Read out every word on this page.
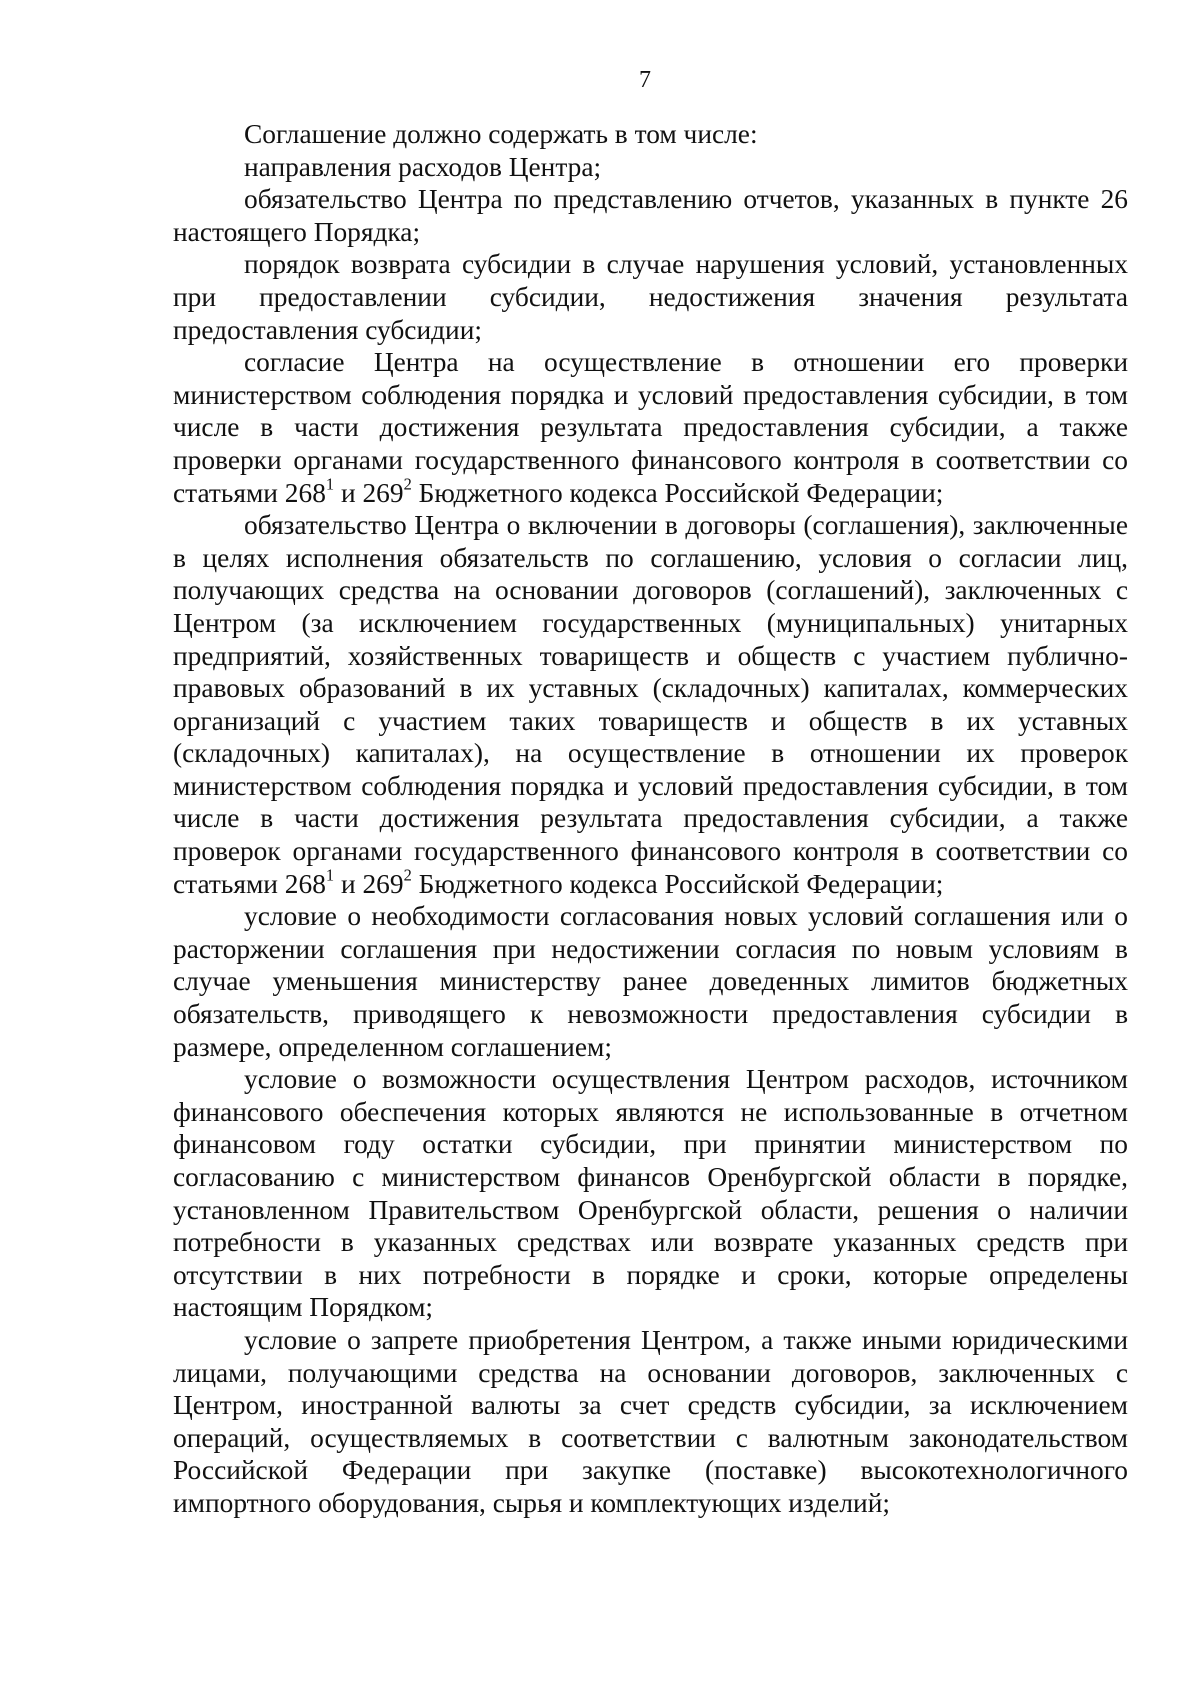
7

Соглашение должно содержать в том числе:

направления расходов Центра;

обязательство Центра по представлению отчетов, указанных в пункте 26 настоящего Порядка;

порядок возврата субсидии в случае нарушения условий, установленных при предоставлении субсидии, недостижения значения результата предоставления субсидии;

согласие Центра на осуществление в отношении его проверки министерством соблюдения порядка и условий предоставления субсидии, в том числе в части достижения результата предоставления субсидии, а также проверки органами государственного финансового контроля в соответствии со статьями $268^1$ и $269^2$ Бюджетного кодекса Российской Федерации;

обязательство Центра о включении в договоры (соглашения), заключенные в целях исполнения обязательств по соглашению, условия о согласии лиц, получающих средства на основании договоров (соглашений), заключенных с Центром (за исключением государственных (муниципальных) унитарных предприятий, хозяйственных товариществ и обществ с участием публично-правовых образований в их уставных (складочных) капиталах, коммерческих организаций с участием таких товариществ и обществ в их уставных (складочных) капиталах), на осуществление в отношении их проверок министерством соблюдения порядка и условий предоставления субсидии, в том числе в части достижения результата предоставления субсидии, а также проверок органами государственного финансового контроля в соответствии со статьями $268^1$ и $269^2$ Бюджетного кодекса Российской Федерации;

условие о необходимости согласования новых условий соглашения или о расторжении соглашения при недостижении согласия по новым условиям в случае уменьшения министерству ранее доведенных лимитов бюджетных обязательств, приводящего к невозможности предоставления субсидии в размере, определенном соглашением;

условие о возможности осуществления Центром расходов, источником финансового обеспечения которых являются не использованные в отчетном финансовом году остатки субсидии, при принятии министерством по согласованию с министерством финансов Оренбургской области в порядке, установленном Правительством Оренбургской области, решения о наличии потребности в указанных средствах или возврате указанных средств при отсутствии в них потребности в порядке и сроки, которые определены настоящим Порядком;

условие о запрете приобретения Центром, а также иными юридическими лицами, получающими средства на основании договоров, заключенных с Центром, иностранной валюты за счет средств субсидии, за исключением операций, осуществляемых в соответствии с валютным законодательством Российской Федерации при закупке (поставке) высокотехнологичного импортного оборудования, сырья и комплектующих изделий;
